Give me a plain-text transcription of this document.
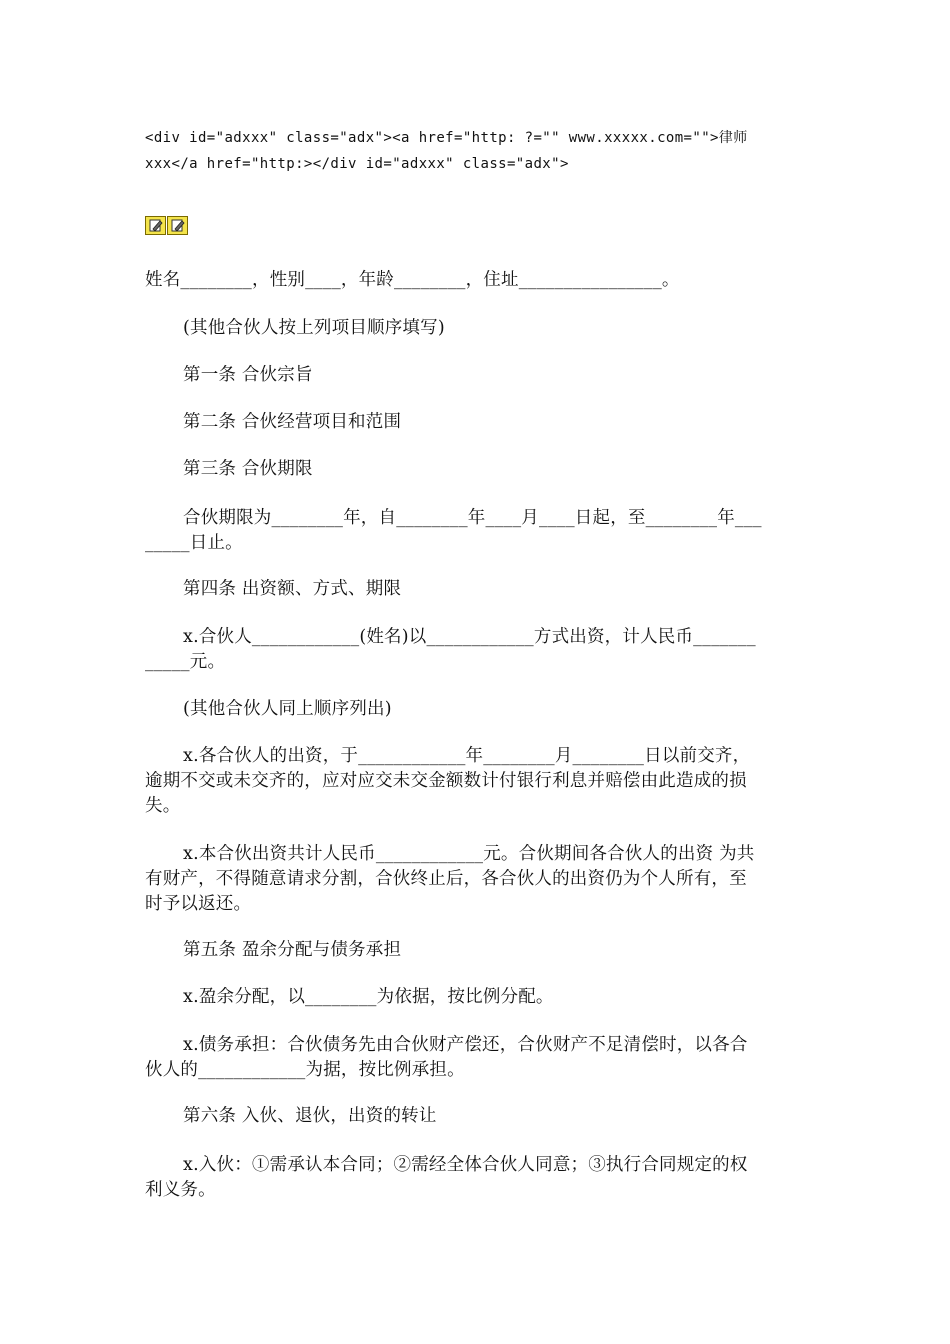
<div id="adxxx" class="adx"><a href="http: ?="" www.xxxxx.com="">律师
xxx</a href="http:></div id="adxxx" class="adx">
姓名________，性别____，年龄________，住址________________。
(其他合伙人按上列项目顺序填写)
第一条 合伙宗旨
第二条 合伙经营项目和范围
第三条 合伙期限
合伙期限为________年，自________年____月____日起，至________年___
_____日止。
第四条 出资额、方式、期限
x.合伙人____________(姓名)以____________方式出资，计人民币_______
_____元。
(其他合伙人同上顺序列出)
x.各合伙人的出资，于____________年________月________日以前交齐，
逾期不交或未交齐的，应对应交未交金额数计付银行利息并赔偿由此造成的损
失。
x.本合伙出资共计人民币____________元。合伙期间各合伙人的出资 为共
有财产，不得随意请求分割，合伙终止后，各合伙人的出资仍为个人所有，至
时予以返还。
第五条 盈余分配与债务承担
x.盈余分配，以________为依据，按比例分配。
x.债务承担：合伙债务先由合伙财产偿还，合伙财产不足清偿时，以各合
伙人的____________为据，按比例承担。
第六条 入伙、退伙，出资的转让
x.入伙：①需承认本合同；②需经全体合伙人同意；③执行合同规定的权
利义务。
